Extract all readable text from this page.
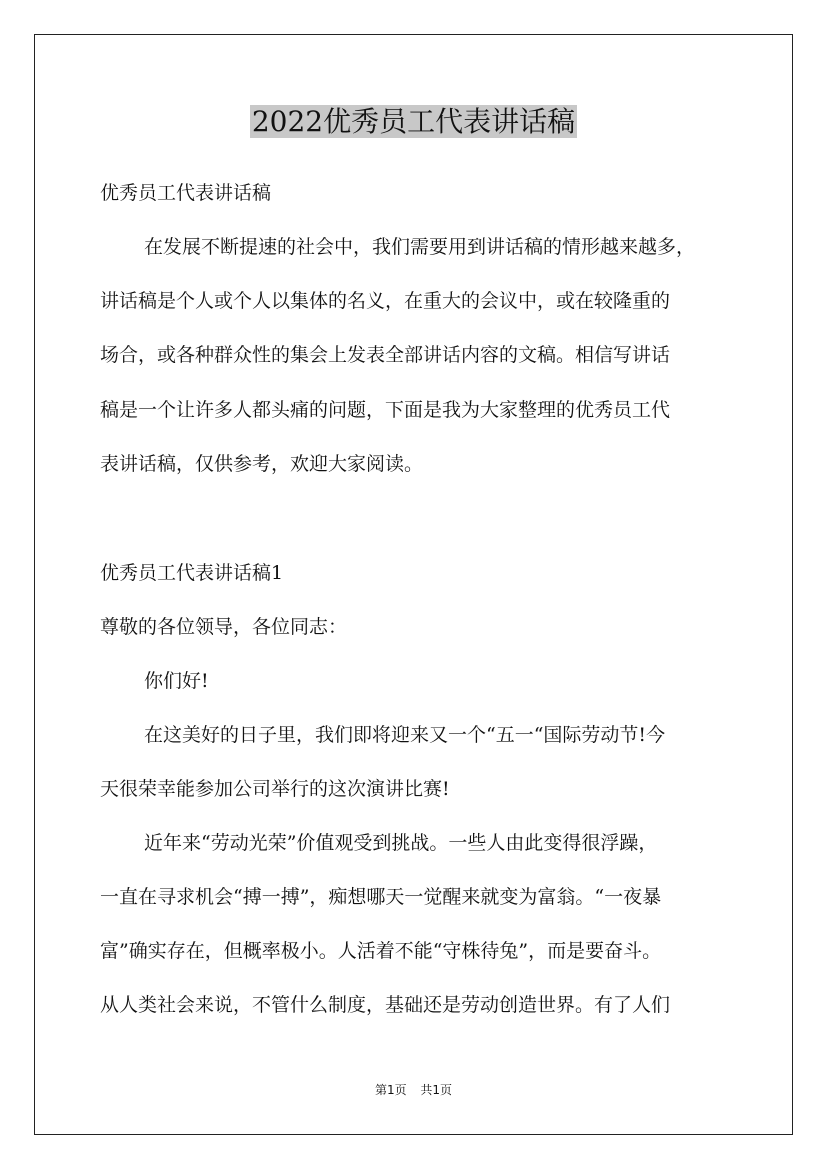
2022优秀员工代表讲话稿

优秀员工代表讲话稿

在发展不断提速的社会中，我们需要用到讲话稿的情形越来越多，

讲话稿是个人或个人以集体的名义，在重大的会议中，或在较隆重的

场合，或各种群众性的集会上发表全部讲话内容的文稿。相信写讲话

稿是一个让许多人都头痛的问题，下面是我为大家整理的优秀员工代

表讲话稿，仅供参考，欢迎大家阅读。

优秀员工代表讲话稿1

尊敬的各位领导，各位同志：

你们好!

在这美好的日子里，我们即将迎来又一个“五一“国际劳动节!今

天很荣幸能参加公司举行的这次演讲比赛!

近年来“劳动光荣”价值观受到挑战。一些人由此变得很浮躁，

一直在寻求机会“搏一搏”，痴想哪天一觉醒来就变为富翁。“一夜暴

富”确实存在，但概率极小。人活着不能“守株待兔”，而是要奋斗。

从人类社会来说，不管什么制度，基础还是劳动创造世界。有了人们

第1页 共1页
